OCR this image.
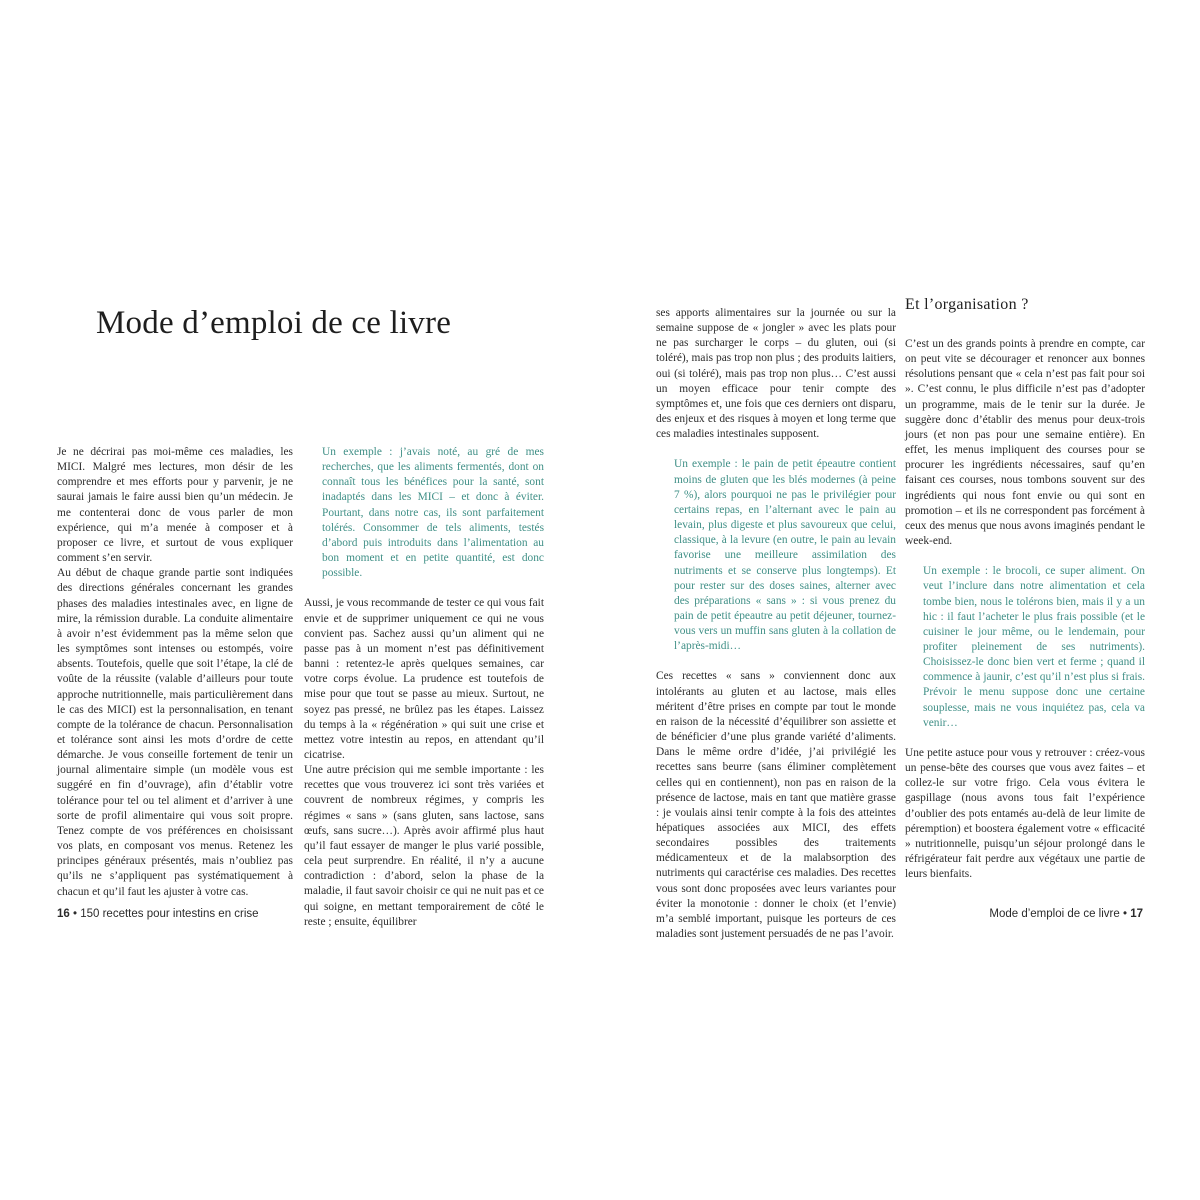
Mode d’emploi de ce livre

Je ne décrirai pas moi-même ces maladies, les MICI. Malgré mes lectures, mon désir de les comprendre et mes efforts pour y parvenir, je ne saurai jamais le faire aussi bien qu’un médecin. Je me contenterai donc de vous parler de mon expérience, qui m’a menée à composer et à proposer ce livre, et surtout de vous expliquer comment s’en servir.

Au début de chaque grande partie sont indiquées des directions générales concernant les grandes phases des maladies intestinales avec, en ligne de mire, la rémission durable. La conduite alimentaire à avoir n’est évidemment pas la même selon que les symptômes sont intenses ou estompés, voire absents. Toutefois, quelle que soit l’étape, la clé de voûte de la réussite (valable d’ailleurs pour toute approche nutritionnelle, mais particulièrement dans le cas des MICI) est la personnalisation, en tenant compte de la tolérance de chacun. Personnalisation et tolérance sont ainsi les mots d’ordre de cette démarche. Je vous conseille fortement de tenir un journal alimentaire simple (un modèle vous est suggéré en fin d’ouvrage), afin d’établir votre tolérance pour tel ou tel aliment et d’arriver à une sorte de profil alimentaire qui vous soit propre. Tenez compte de vos préférences en choisissant vos plats, en composant vos menus. Retenez les principes généraux présentés, mais n’oubliez pas qu’ils ne s’appliquent pas systématiquement à chacun et qu’il faut les ajuster à votre cas.

Un exemple : j’avais noté, au gré de mes recherches, que les aliments fermentés, dont on connaît tous les bénéfices pour la santé, sont inadaptés dans les MICI – et donc à éviter. Pourtant, dans notre cas, ils sont parfaitement tolérés. Consommer de tels aliments, testés d’abord puis introduits dans l’alimentation au bon moment et en petite quantité, est donc possible.

Aussi, je vous recommande de tester ce qui vous fait envie et de supprimer uniquement ce qui ne vous convient pas. Sachez aussi qu’un aliment qui ne passe pas à un moment n’est pas définitivement banni : retentez-le après quelques semaines, car votre corps évolue. La prudence est toutefois de mise pour que tout se passe au mieux. Surtout, ne soyez pas pressé, ne brûlez pas les étapes. Laissez du temps à la « régénération » qui suit une crise et mettez votre intestin au repos, en attendant qu’il cicatrise.

Une autre précision qui me semble importante : les recettes que vous trouverez ici sont très variées et couvrent de nombreux régimes, y compris les régimes « sans » (sans gluten, sans lactose, sans œufs, sans sucre…). Après avoir affirmé plus haut qu’il faut essayer de manger le plus varié possible, cela peut surprendre. En réalité, il n’y a aucune contradiction : d’abord, selon la phase de la maladie, il faut savoir choisir ce qui ne nuit pas et ce qui soigne, en mettant temporairement de côté le reste ; ensuite, équilibrer

16 • 150 recettes pour intestins en crise

ses apports alimentaires sur la journée ou sur la semaine suppose de « jongler » avec les plats pour ne pas surcharger le corps – du gluten, oui (si toléré), mais pas trop non plus ; des produits laitiers, oui (si toléré), mais pas trop non plus… C’est aussi un moyen efficace pour tenir compte des symptômes et, une fois que ces derniers ont disparu, des enjeux et des risques à moyen et long terme que ces maladies intestinales supposent.

Un exemple : le pain de petit épeautre contient moins de gluten que les blés modernes (à peine 7 %), alors pourquoi ne pas le privilégier pour certains repas, en l’alternant avec le pain au levain, plus digeste et plus savoureux que celui, classique, à la levure (en outre, le pain au levain favorise une meilleure assimilation des nutriments et se conserve plus longtemps). Et pour rester sur des doses saines, alterner avec des préparations « sans » : si vous prenez du pain de petit épeautre au petit déjeuner, tournez-vous vers un muffin sans gluten à la collation de l’après-midi…

Ces recettes « sans » conviennent donc aux intolérants au gluten et au lactose, mais elles méritent d’être prises en compte par tout le monde en raison de la nécessité d’équilibrer son assiette et de bénéficier d’une plus grande variété d’aliments. Dans le même ordre d’idée, j’ai privilégié les recettes sans beurre (sans éliminer complètement celles qui en contiennent), non pas en raison de la présence de lactose, mais en tant que matière grasse : je voulais ainsi tenir compte à la fois des atteintes hépatiques associées aux MICI, des effets secondaires possibles des traitements médicamenteux et de la malabsorption des nutriments qui caractérise ces maladies. Des recettes vous sont donc proposées avec leurs variantes pour éviter la monotonie : donner le choix (et l’envie) m’a semblé important, puisque les porteurs de ces maladies sont justement persuadés de ne pas l’avoir.

Et l’organisation ?

C’est un des grands points à prendre en compte, car on peut vite se décourager et renoncer aux bonnes résolutions pensant que « cela n’est pas fait pour soi ». C’est connu, le plus difficile n’est pas d’adopter un programme, mais de le tenir sur la durée. Je suggère donc d’établir des menus pour deux-trois jours (et non pas pour une semaine entière). En effet, les menus impliquent des courses pour se procurer les ingrédients nécessaires, sauf qu’en faisant ces courses, nous tombons souvent sur des ingrédients qui nous font envie ou qui sont en promotion – et ils ne correspondent pas forcément à ceux des menus que nous avons imaginés pendant le week-end.

Un exemple : le brocoli, ce super aliment. On veut l’inclure dans notre alimentation et cela tombe bien, nous le tolérons bien, mais il y a un hic : il faut l’acheter le plus frais possible (et le cuisiner le jour même, ou le lendemain, pour profiter pleinement de ses nutriments). Choisissez-le donc bien vert et ferme ; quand il commence à jaunir, c’est qu’il n’est plus si frais. Prévoir le menu suppose donc une certaine souplesse, mais ne vous inquiétez pas, cela va venir…

Une petite astuce pour vous y retrouver : créez-vous un pense-bête des courses que vous avez faites – et collez-le sur votre frigo. Cela vous évitera le gaspillage (nous avons tous fait l’expérience d’oublier des pots entamés au-delà de leur limite de péremption) et boostera également votre « efficacité » nutritionnelle, puisqu’un séjour prolongé dans le réfrigérateur fait perdre aux végétaux une partie de leurs bienfaits.

Mode d’emploi de ce livre • 17
